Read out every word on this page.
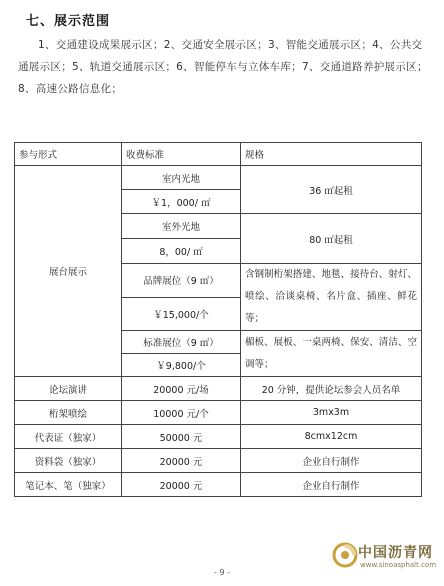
七、展示范围
1、交通建设成果展示区；2、交通安全展示区；3、智能交通展示区；4、公共交通展示区；5、轨道交通展示区；6、智能停车与立体车库；7、交通道路养护展示区；8、高速公路信息化；
参与形式	收费标准	规格
展台展示	室内光地	36 ㎡起租
	￥1，000/ ㎡	
	室外光地	80 ㎡起租
	8，00/ ㎡	
	品牌展位（9 ㎡）	含钢制桁架搭建、地毯、接待台、射灯、喷绘、洽谈桌椅、名片盒、插座、鲜花等；
	￥15,000/个	
	标准展位（9 ㎡）	楣板、展板、一桌两椅、保安、清洁、空调等；
	￥9,800/个	
论坛演讲	20000 元/场	20 分钟，提供论坛参会人员名单
桁架喷绘	10000 元/个	3mx3m
代表证（独家）	50000 元	8cmx12cm
资料袋（独家）	20000 元	企业自行制作
笔记本、笔（独家）	20000 元	企业自行制作
中国沥青网
www.sinoasphalt.com
- 9 -
